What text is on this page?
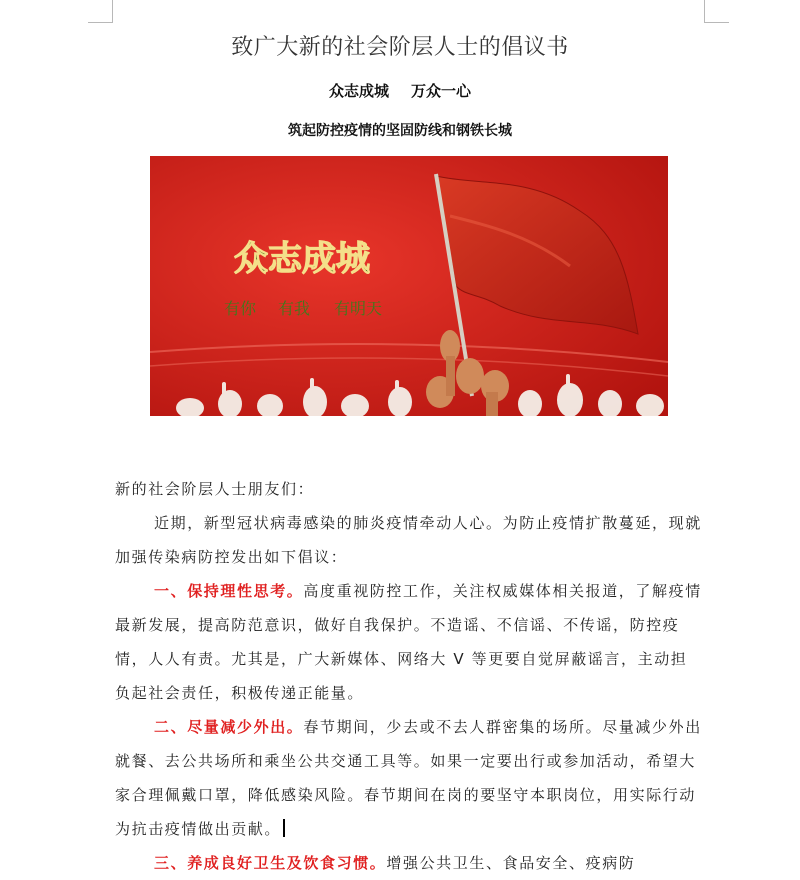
致广大新的社会阶层人士的倡议书
众志成城 万众一心
筑起防控疫情的坚固防线和钢铁长城
众志成城
有你 有我 有明天

新的社会阶层人士朋友们：

近期，新型冠状病毒感染的肺炎疫情牵动人心。为防止疫情扩散蔓延，现就加强传染病防控发出如下倡议：

一、保持理性思考。高度重视防控工作，关注权威媒体相关报道，了解疫情最新发展，提高防范意识，做好自我保护。不造谣、不信谣、不传谣，防控疫情，人人有责。尤其是，广大新媒体、网络大 V 等更要自觉屏蔽谣言，主动担负起社会责任，积极传递正能量。

二、尽量减少外出。春节期间，少去或不去人群密集的场所。尽量减少外出就餐、去公共场所和乘坐公共交通工具等。如果一定要出行或参加活动，希望大家合理佩戴口罩，降低感染风险。春节期间在岗的要坚守本职岗位，用实际行动为抗击疫情做出贡献。

三、养成良好卫生及饮食习惯。增强公共卫生、食品安全、疫病防
